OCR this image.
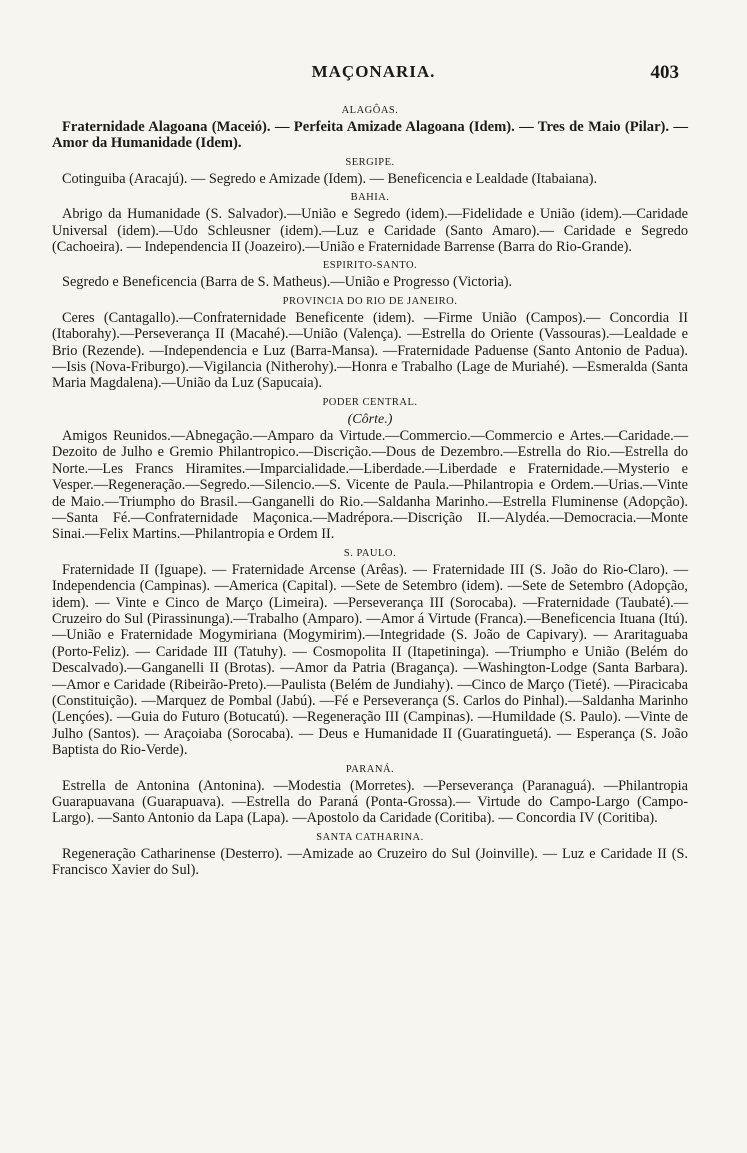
MAÇONARIA.	403

ALAGÔAS.

Fraternidade Alagoana (Maceió). — Perfeita Amizade Alagoana (Idem). — Tres de Maio (Pilar). — Amor da Humanidade (Idem).

SERGIPE.

Cotinguiba (Aracajú). — Segredo e Amizade (Idem). — Beneficencia e Lealdade (Itabaiana).

BAHIA.

Abrigo da Humanidade (S. Salvador).—União e Segredo (idem).—Fidelidade e União (idem).—Caridade Universal (idem).—Udo Schleusner (idem).—Luz e Caridade (Santo Amaro).— Caridade e Segredo (Cachoeira). — Independencia II (Joazeiro).—União e Fraternidade Barrense (Barra do Rio-Grande).

ESPIRITO-SANTO.

Segredo e Beneficencia (Barra de S. Matheus).—União e Progresso (Victoria).

PROVINCIA DO RIO DE JANEIRO.

Ceres (Cantagallo).—Confraternidade Beneficente (idem). —Firme União (Campos).— Concordia II (Itaborahy).—Perseverança II (Macahé).—União (Valença). —Estrella do Oriente (Vassouras).—Lealdade e Brio (Rezende). —Independencia e Luz (Barra-Mansa). —Fraternidade Paduense (Santo Antonio de Padua). —Isis (Nova-Friburgo).—Vigilancia (Nitherohy).—Honra e Trabalho (Lage de Muriahé). —Esmeralda (Santa Maria Magdalena).—União da Luz (Sapucaia).

PODER CENTRAL.

(Côrte.)

Amigos Reunidos.—Abnegação.—Amparo da Virtude.—Commercio.—Commercio e Artes.—Caridade.—Dezoito de Julho e Gremio Philantropico.—Discrição.—Dous de Dezembro.—Estrella do Rio.—Estrella do Norte.—Les Francs Hiramites.—Imparcialidade.—Liberdade.—Liberdade e Fraternidade.—Mysterio e Vesper.—Regeneração.—Segredo.—Silencio.—S. Vicente de Paula.—Philantropia e Ordem.—Urias.—Vinte de Maio.—Triumpho do Brasil.—Ganganelli do Rio.—Saldanha Marinho.—Estrella Fluminense (Adopção).—Santa Fé.—Confraternidade Maçonica.—Madrépora.—Discrição II.—Alydéa.—Democracia.—Monte Sinai.—Felix Martins.—Philantropia e Ordem II.

S. PAULO.

Fraternidade II (Iguape). — Fraternidade Arcense (Arêas). — Fraternidade III (S. João do Rio-Claro). —Independencia (Campinas). —America (Capital). —Sete de Setembro (idem). —Sete de Setembro (Adopção, idem). — Vinte e Cinco de Março (Limeira). —Perseverança III (Sorocaba). —Fraternidade (Taubaté).—Cruzeiro do Sul (Pirassinunga).—Trabalho (Amparo). —Amor á Virtude (Franca).—Beneficencia Ituana (Itú).—União e Fraternidade Mogymiriana (Mogymirim).—Integridade (S. João de Capivary). — Araritaguaba (Porto-Feliz). — Caridade III (Tatuhy). — Cosmopolita II (Itapetininga). —Triumpho e União (Belém do Descalvado).—Ganganelli II (Brotas). —Amor da Patria (Bragança). —Washington-Lodge (Santa Barbara). —Amor e Caridade (Ribeirão-Preto).—Paulista (Belém de Jundiahy). —Cinco de Março (Tieté). —Piracicaba (Constituição). —Marquez de Pombal (Jabú). —Fé e Perseverança (S. Carlos do Pinhal).—Saldanha Marinho (Lençóes). —Guia do Futuro (Botucatú). —Regeneração III (Campinas). —Humildade (S. Paulo). —Vinte de Julho (Santos). — Araçoiaba (Sorocaba). — Deus e Humanidade II (Guaratinguetá). — Esperança (S. João Baptista do Rio-Verde).

PARANÁ.

Estrella de Antonina (Antonina). —Modestia (Morretes). —Perseverança (Paranaguá). —Philantropia Guarapuavana (Guarapuava). —Estrella do Paraná (Ponta-Grossa).— Virtude do Campo-Largo (Campo-Largo). —Santo Antonio da Lapa (Lapa). —Apostolo da Caridade (Coritiba). — Concordia IV (Coritiba).

SANTA CATHARINA.

Regeneração Catharinense (Desterro). —Amizade ao Cruzeiro do Sul (Joinville). — Luz e Caridade II (S. Francisco Xavier do Sul).
